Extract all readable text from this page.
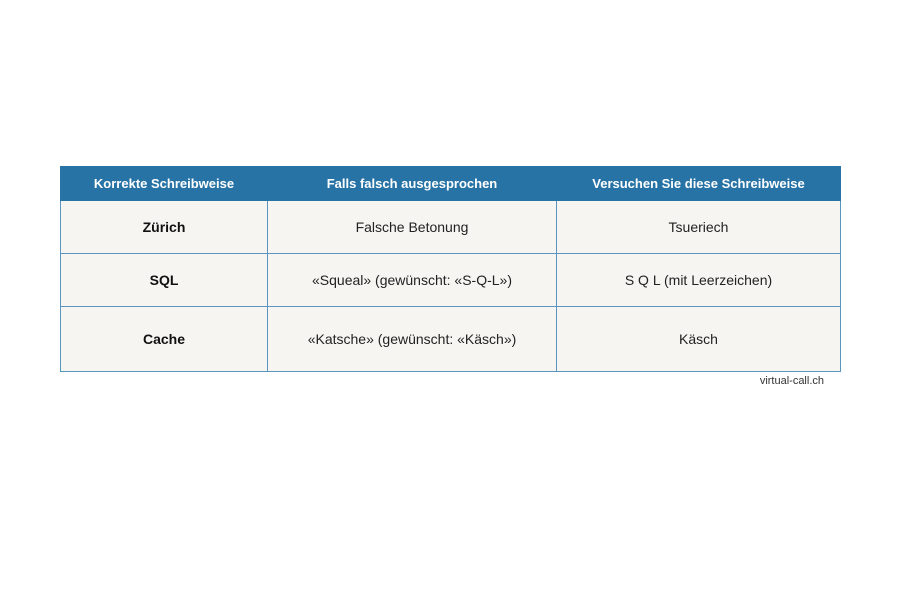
Korrekte Schreibweise	Falls falsch ausgesprochen	Versuchen Sie diese Schreibweise
Zürich	Falsche Betonung	Tsueriech
SQL	«Squeal» (gewünscht: «S-Q-L»)	S Q L (mit Leerzeichen)
Cache	«Katsche» (gewünscht: «Käsch»)	Käsch
virtual-call.ch
